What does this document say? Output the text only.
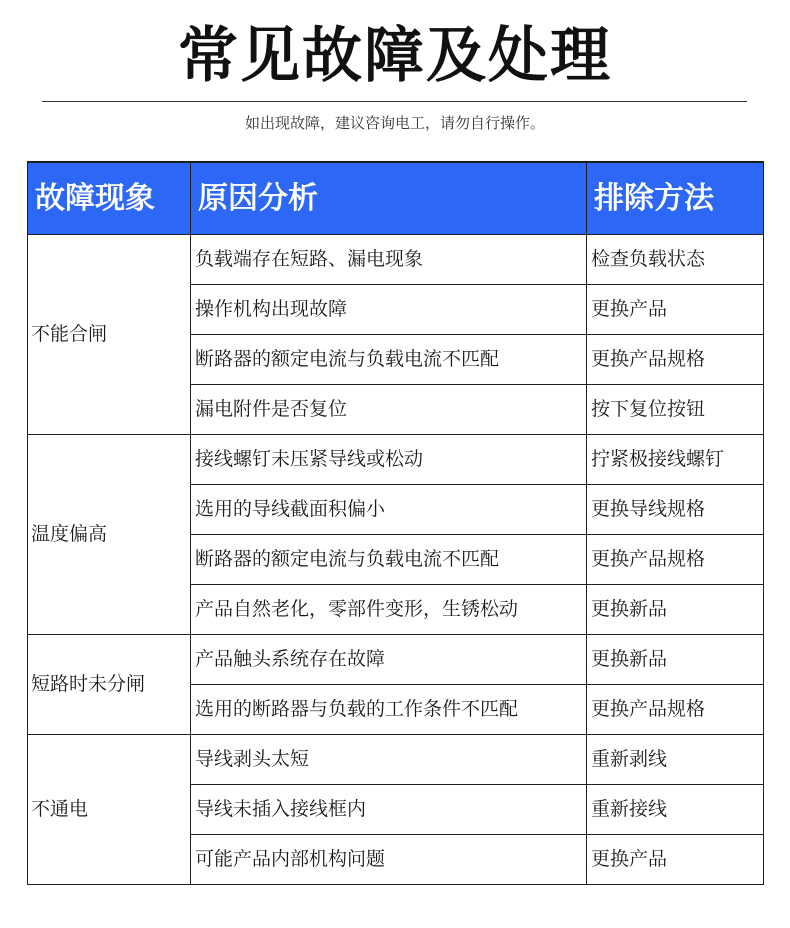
常见故障及处理
如出现故障，建议咨询电工，请勿自行操作。
故障现象	原因分析	排除方法
不能合闸	负载端存在短路、漏电现象	检查负载状态
	操作机构出现故障	更换产品
	断路器的额定电流与负载电流不匹配	更换产品规格
	漏电附件是否复位	按下复位按钮
温度偏高	接线螺钉未压紧导线或松动	拧紧极接线螺钉
	选用的导线截面积偏小	更换导线规格
	断路器的额定电流与负载电流不匹配	更换产品规格
	产品自然老化，零部件变形，生锈松动	更换新品
短路时未分闸	产品触头系统存在故障	更换新品
	选用的断路器与负载的工作条件不匹配	更换产品规格
不通电	导线剥头太短	重新剥线
	导线未插入接线框内	重新接线
	可能产品内部机构问题	更换产品
